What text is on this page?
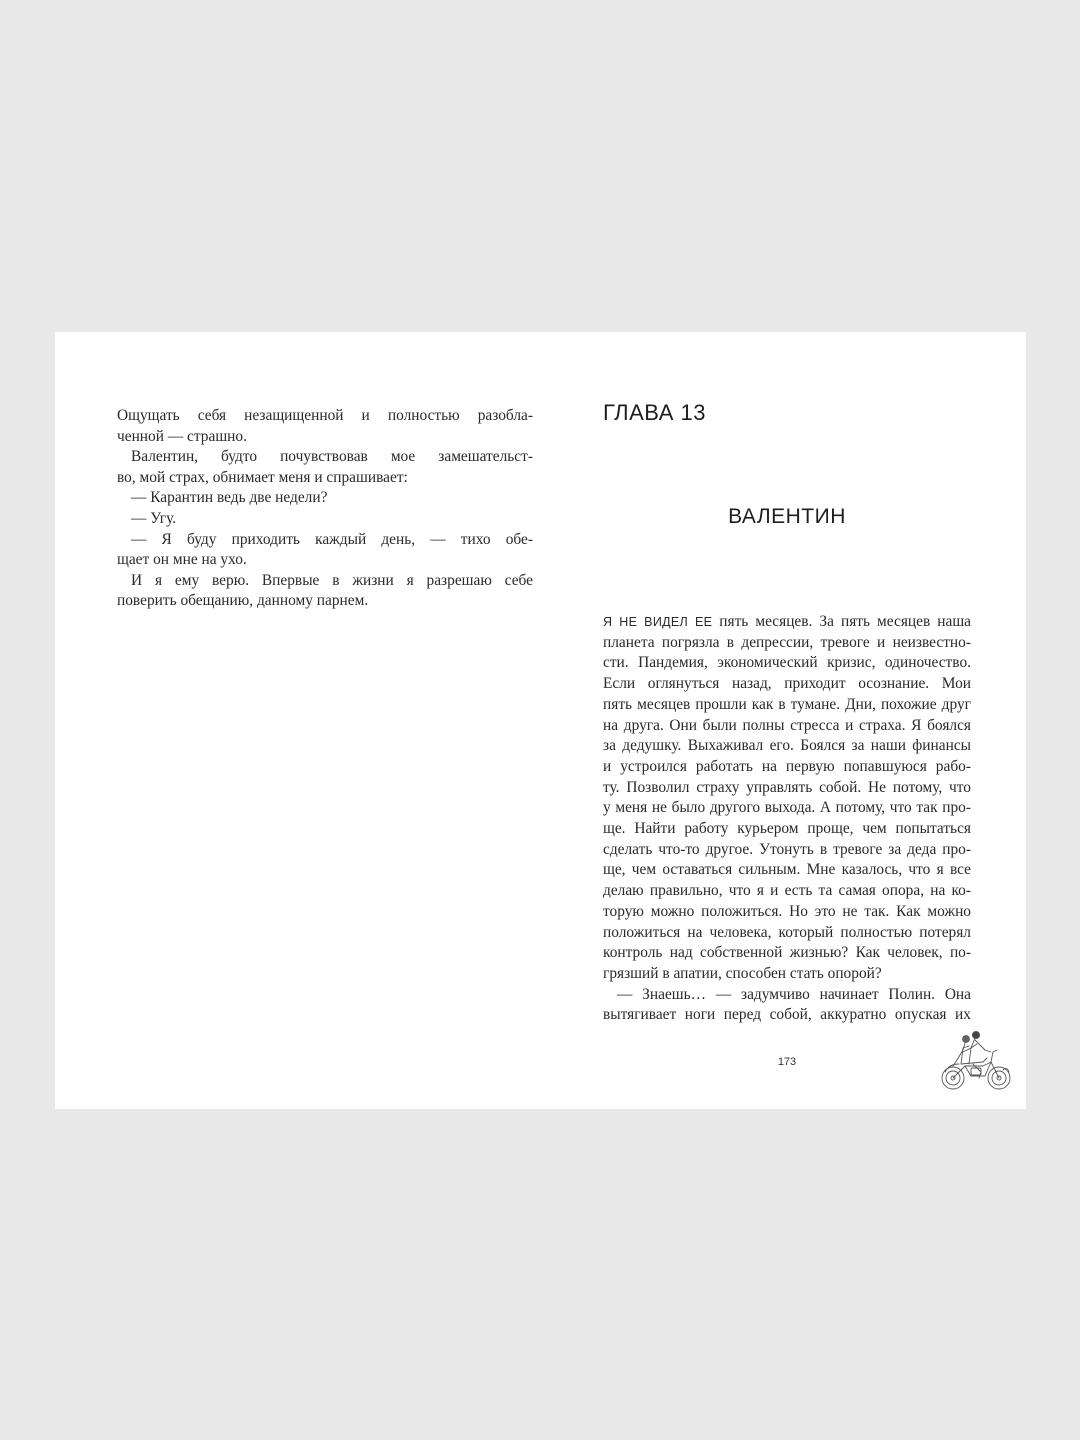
Ощущать себя незащищенной и полностью разобла-
ченной — страшно.
Валентин, будто почувствовав мое замешательст-
во, мой страх, обнимает меня и спрашивает:
— Карантин ведь две недели?
— Угу.
— Я буду приходить каждый день, — тихо обе-
щает он мне на ухо.
И я ему верю. Впервые в жизни я разрешаю себе
поверить обещанию, данному парнем.
ГЛАВА 13
ВАЛЕНТИН
Я НЕ ВИДЕЛ ЕЕ пять месяцев. За пять месяцев наша
планета погрязла в депрессии, тревоге и неизвестно-
сти. Пандемия, экономический кризис, одиночество.
Если оглянуться назад, приходит осознание. Мои
пять месяцев прошли как в тумане. Дни, похожие друг
на друга. Они были полны стресса и страха. Я боялся
за дедушку. Выхаживал его. Боялся за наши финансы
и устроился работать на первую попавшуюся рабо-
ту. Позволил страху управлять собой. Не потому, что
у меня не было другого выхода. А потому, что так про-
ще. Найти работу курьером проще, чем попытаться
сделать что-то другое. Утонуть в тревоге за деда про-
ще, чем оставаться сильным. Мне казалось, что я все
делаю правильно, что я и есть та самая опора, на ко-
торую можно положиться. Но это не так. Как можно
положиться на человека, который полностью потерял
контроль над собственной жизнью? Как человек, по-
грязший в апатии, способен стать опорой?
— Знаешь… — задумчиво начинает Полин. Она
вытягивает ноги перед собой, аккуратно опуская их
173
